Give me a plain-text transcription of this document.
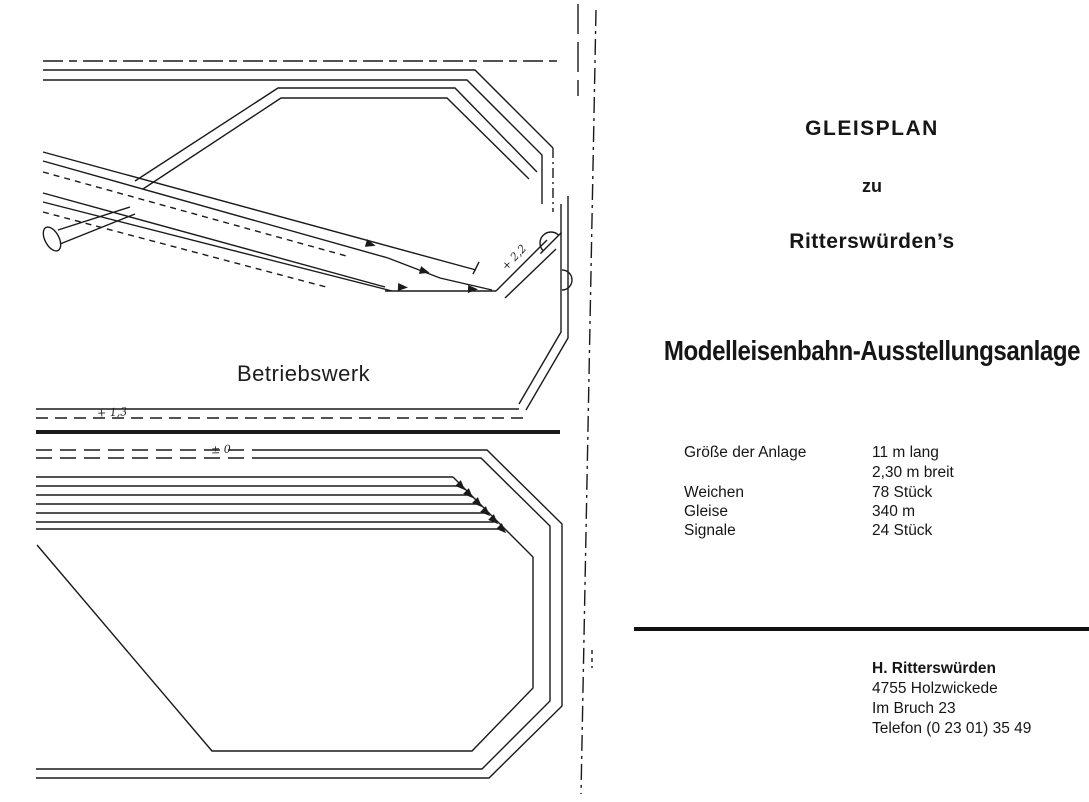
Betriebswerk
+ 2,2
+ 1,3
± 0
GLEISPLAN
zu
Ritterswürden’s
Modelleisenbahn-Ausstellungsanlage
Größe der Anlage	11 m lang
2,30 m breit
Weichen	78 Stück
Gleise	340 m
Signale	24 Stück
H. Ritterswürden
4755 Holzwickede
Im Bruch 23
Telefon (0 23 01) 35 49
